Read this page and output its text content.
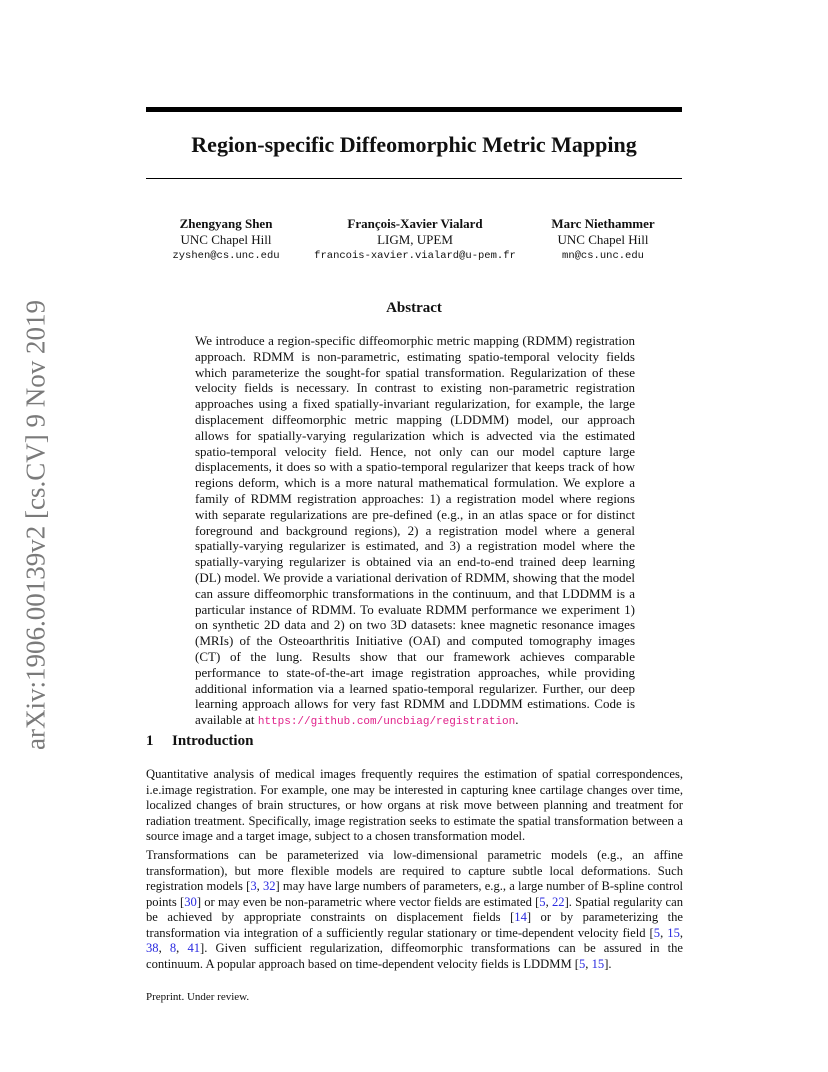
arXiv:1906.00139v2 [cs.CV] 9 Nov 2019
Region-specific Diffeomorphic Metric Mapping
Zhengyang Shen
UNC Chapel Hill
zyshen@cs.unc.edu
François-Xavier Vialard
LIGM, UPEM
francois-xavier.vialard@u-pem.fr
Marc Niethammer
UNC Chapel Hill
mn@cs.unc.edu
Abstract
We introduce a region-specific diffeomorphic metric mapping (RDMM) registration approach. RDMM is non-parametric, estimating spatio-temporal velocity fields which parameterize the sought-for spatial transformation. Regularization of these velocity fields is necessary. In contrast to existing non-parametric registration approaches using a fixed spatially-invariant regularization, for example, the large displacement diffeomorphic metric mapping (LDDMM) model, our approach allows for spatially-varying regularization which is advected via the estimated spatio-temporal velocity field. Hence, not only can our model capture large displacements, it does so with a spatio-temporal regularizer that keeps track of how regions deform, which is a more natural mathematical formulation. We explore a family of RDMM registration approaches: 1) a registration model where regions with separate regularizations are pre-defined (e.g., in an atlas space or for distinct foreground and background regions), 2) a registration model where a general spatially-varying regularizer is estimated, and 3) a registration model where the spatially-varying regularizer is obtained via an end-to-end trained deep learning (DL) model. We provide a variational derivation of RDMM, showing that the model can assure diffeomorphic transformations in the continuum, and that LDDMM is a particular instance of RDMM. To evaluate RDMM performance we experiment 1) on synthetic 2D data and 2) on two 3D datasets: knee magnetic resonance images (MRIs) of the Osteoarthritis Initiative (OAI) and computed tomography images (CT) of the lung. Results show that our framework achieves comparable performance to state-of-the-art image registration approaches, while providing additional information via a learned spatio-temporal regularizer. Further, our deep learning approach allows for very fast RDMM and LDDMM estimations. Code is available at https://github.com/uncbiag/registration.
1 Introduction
Quantitative analysis of medical images frequently requires the estimation of spatial correspondences, i.e.image registration. For example, one may be interested in capturing knee cartilage changes over time, localized changes of brain structures, or how organs at risk move between planning and treatment for radiation treatment. Specifically, image registration seeks to estimate the spatial transformation between a source image and a target image, subject to a chosen transformation model.
Transformations can be parameterized via low-dimensional parametric models (e.g., an affine transformation), but more flexible models are required to capture subtle local deformations. Such registration models [3, 32] may have large numbers of parameters, e.g., a large number of B-spline control points [30] or may even be non-parametric where vector fields are estimated [5, 22]. Spatial regularity can be achieved by appropriate constraints on displacement fields [14] or by parameterizing the transformation via integration of a sufficiently regular stationary or time-dependent velocity field [5, 15, 38, 8, 41]. Given sufficient regularization, diffeomorphic transformations can be assured in the continuum. A popular approach based on time-dependent velocity fields is LDDMM [5, 15].
Preprint. Under review.
